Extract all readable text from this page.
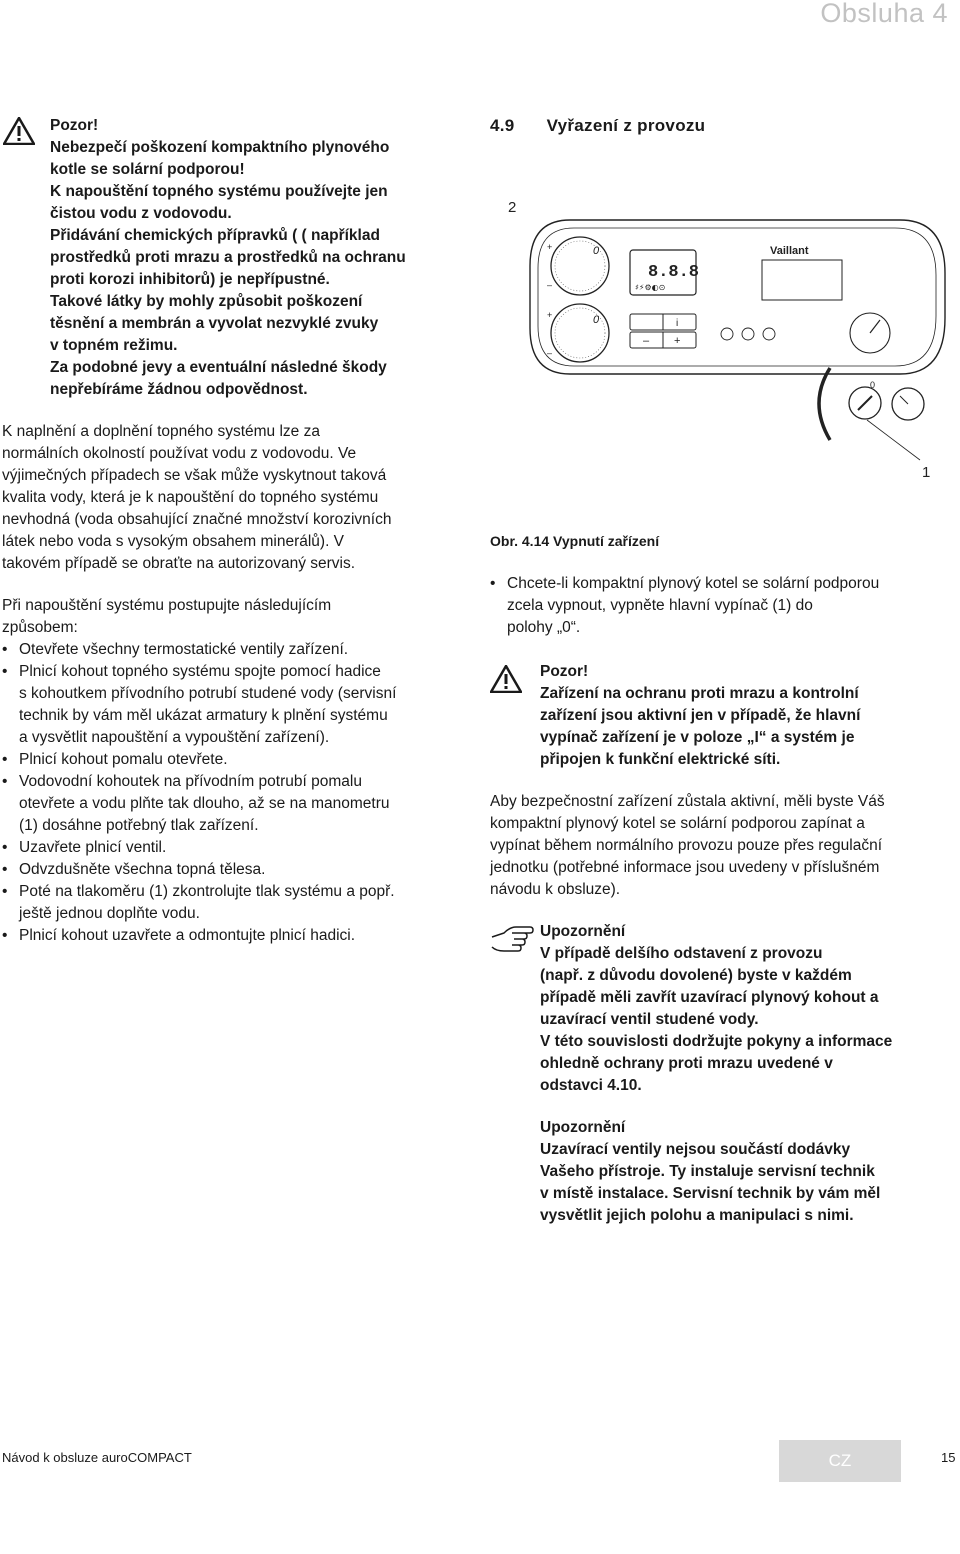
Obsluha 4
Pozor!
Nebezpečí poškození kompaktního plynového
kotle se solární podporou!
K napouštění topného systému používejte jen
čistou vodu z vodovodu.
Přidávání chemických přípravků ( ( například
prostředků proti mrazu a prostředků na ochranu
proti korozi inhibitorů) je nepřípustné.
Takové látky by mohly způsobit poškození
těsnění a membrán a vyvolat nezvyklé zvuky
v topném režimu.
Za podobné jevy a eventuální následné škody
nepřebíráme žádnou odpovědnost.
K naplnění a doplnění topného systému lze za
normálních okolností používat vodu z vodovodu. Ve
výjimečných případech se však může vyskytnout taková
kvalita vody, která je k napouštění do topného systému
nevhodná (voda obsahující značné množství korozivních
látek nebo voda s vysokým obsahem minerálů). V
takovém případě se obraťte na autorizovaný servis.
Při napouštění systému postupujte následujícím
způsobem:
• Otevřete všechny termostatické ventily zařízení.
• Plnicí kohout topného systému spojte pomocí hadice
s kohoutkem přívodního potrubí studené vody (servisní
technik by vám měl ukázat armatury k plnění systému
a vysvětlit napouštění a vypouštění zařízení).
• Plnicí kohout pomalu otevřete.
• Vodovodní kohoutek na přívodním potrubí pomalu
otevřete a vodu plňte tak dlouho, až se na manometru
(1) dosáhne potřebný tlak zařízení.
• Uzavřete plnicí ventil.
• Odvzdušněte všechna topná tělesa.
• Poté na tlakoměru (1) zkontrolujte tlak systému a popř.
ještě jednou doplňte vodu.
• Plnicí kohout uzavřete a odmontujte plnicí hadici.
4.9 Vyřazení z provozu
0
+
–
0
+
–
8.8.8
♯⚡⚙◐⊙
i
– +
Vaillant
0
1
2
Obr. 4.14 Vypnutí zařízení
• Chcete-li kompaktní plynový kotel se solární podporou
zcela vypnout, vypněte hlavní vypínač (1) do
polohy „0“.
Pozor!
Zařízení na ochranu proti mrazu a kontrolní
zařízení jsou aktivní jen v případě, že hlavní
vypínač zařízení je v poloze „I“ a systém je
připojen k funkční elektrické síti.
Aby bezpečnostní zařízení zůstala aktivní, měli byste Váš
kompaktní plynový kotel se solární podporou zapínat a
vypínat během normálního provozu pouze přes regulační
jednotku (potřebné informace jsou uvedeny v příslušném
návodu k obsluze).
Upozornění
V případě delšího odstavení z provozu
(např. z důvodu dovolené) byste v každém
případě měli zavřít uzavírací plynový kohout a
uzavírací ventil studené vody.
V této souvislosti dodržujte pokyny a informace
ohledně ochrany proti mrazu uvedené v
odstavci 4.10.
Upozornění
Uzavírací ventily nejsou součástí dodávky
Vašeho přístroje. Ty instaluje servisní technik
v místě instalace. Servisní technik by vám měl
vysvětlit jejich polohu a manipulaci s nimi.
Návod k obsluze auroCOMPACT	CZ	15
